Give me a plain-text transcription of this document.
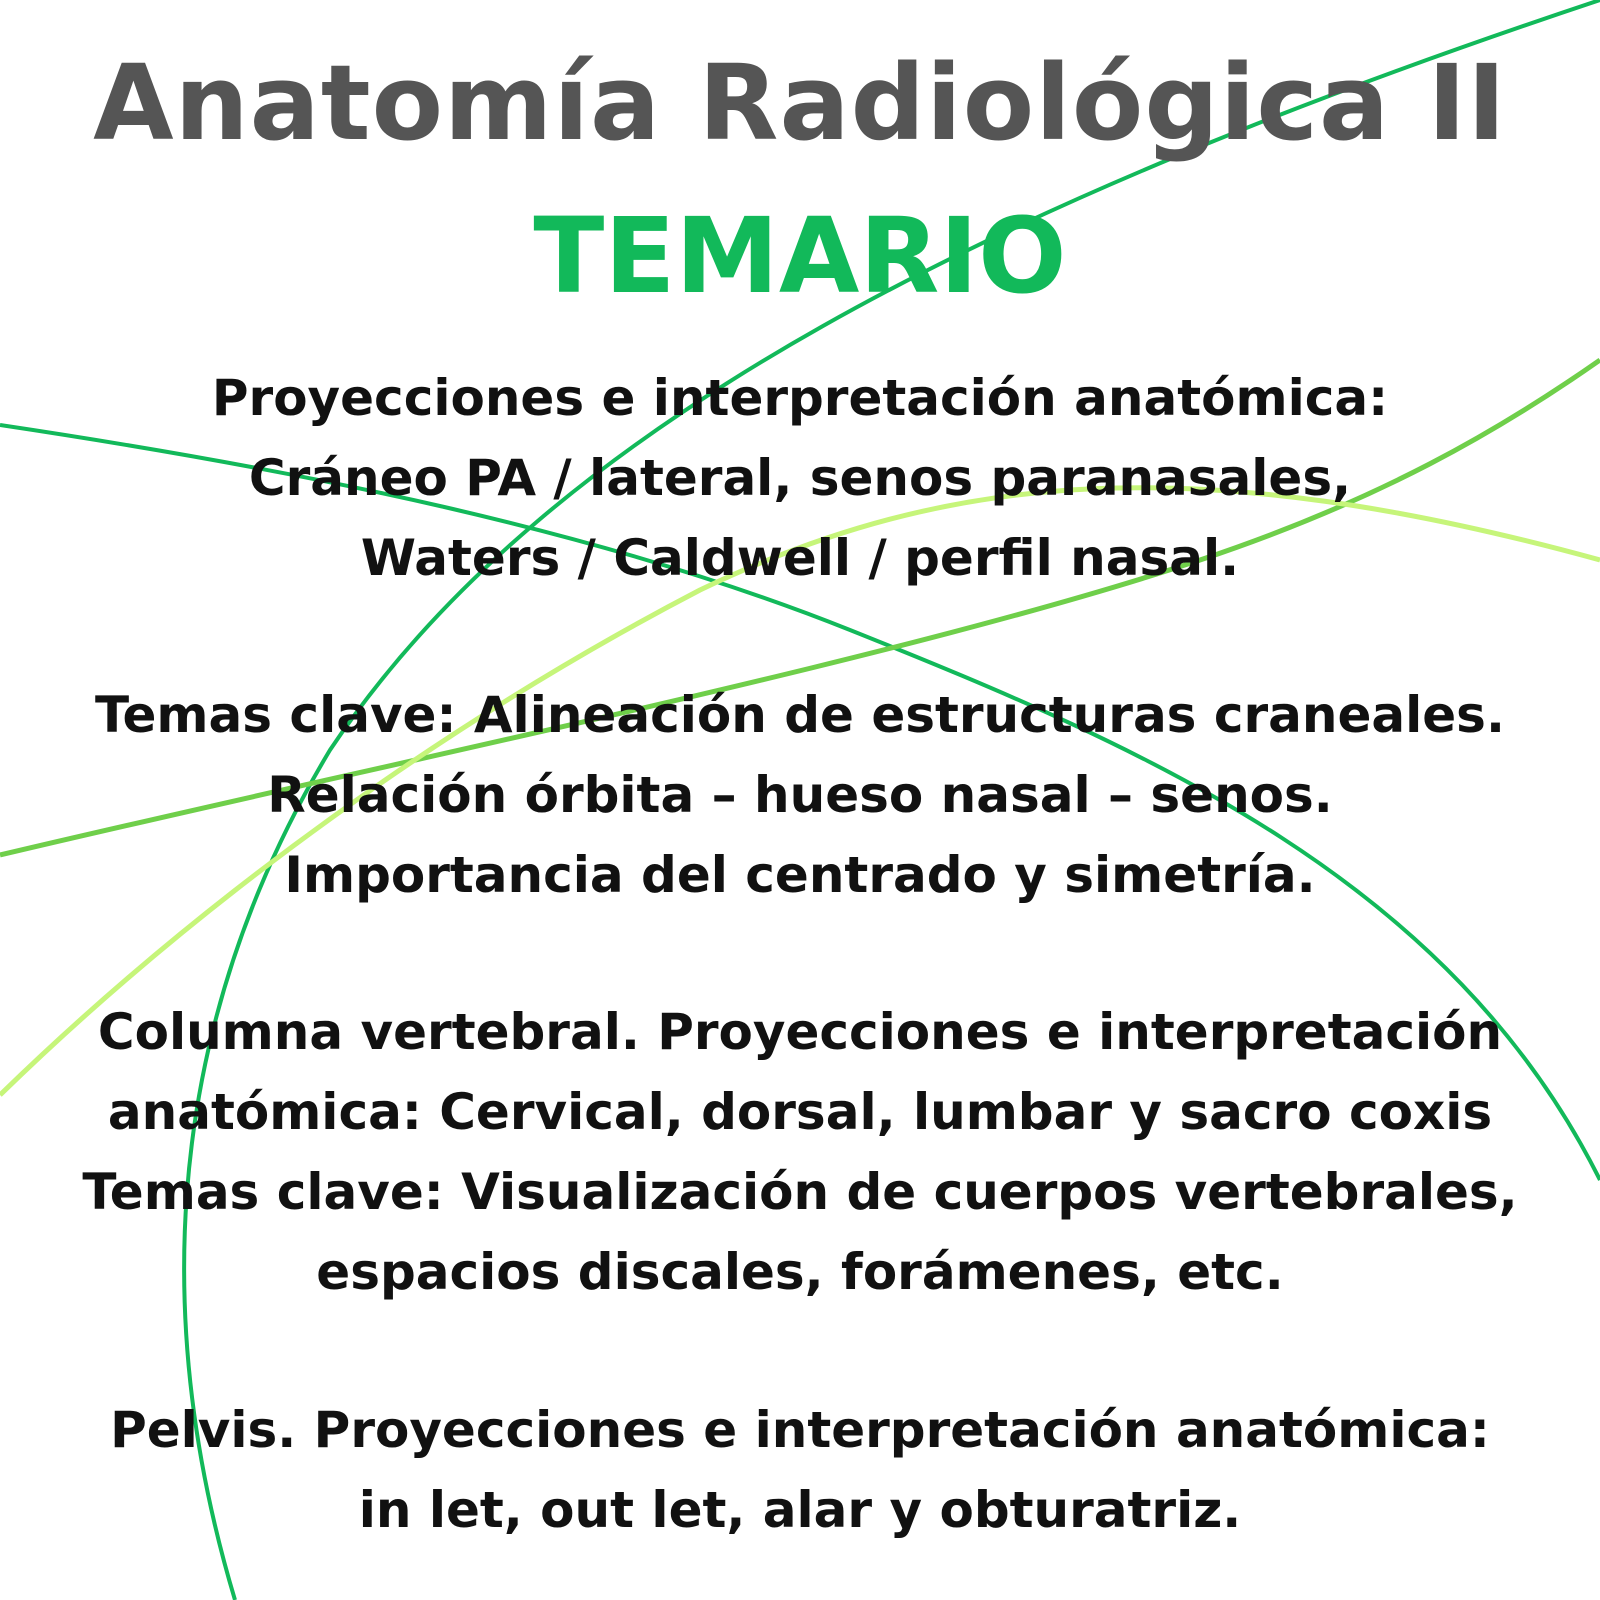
Anatomía Radiológica II
TEMARIO
Proyecciones e interpretación anatómica:
Cráneo PA / lateral, senos paranasales,
Waters / Caldwell / perfil nasal.
Temas clave: Alineación de estructuras craneales.
Relación órbita – hueso nasal – senos.
Importancia del centrado y simetría.
Columna vertebral. Proyecciones e interpretación
anatómica: Cervical, dorsal, lumbar y sacro coxis
Temas clave: Visualización de cuerpos vertebrales,
espacios discales, forámenes, etc.
Pelvis. Proyecciones e interpretación anatómica:
in let, out let, alar y obturatriz.
